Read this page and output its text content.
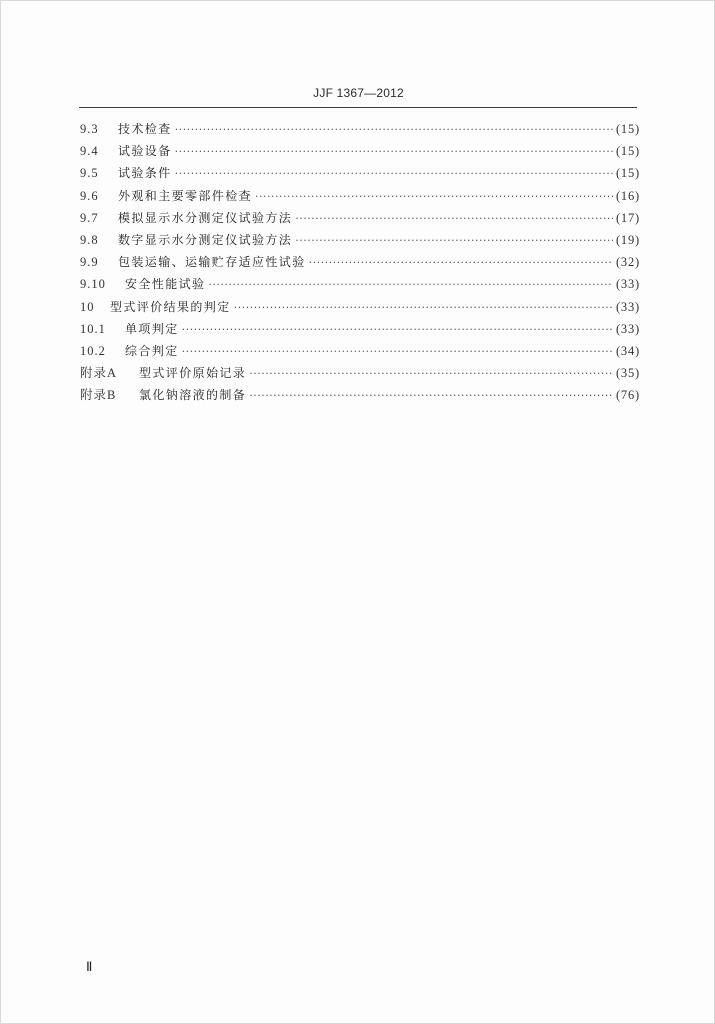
JJF 1367—2012
9.3	技术检查 ·····	(15)
9.4	试验设备 ·····	(15)
9.5	试验条件 ·····	(15)
9.6	外观和主要零部件检查 ·····	(16)
9.7	模拟显示水分测定仪试验方法 ·····	(17)
9.8	数字显示水分测定仪试验方法 ·····	(19)
9.9	包装运输、运输贮存适应性试验 ·····	(32)
9.10	安全性能试验 ·····	(33)
10	型式评价结果的判定 ·····	(33)
10.1	单项判定 ·····	(33)
10.2	综合判定 ·····	(34)
附录A	型式评价原始记录 ·····	(35)
附录B	氯化钠溶液的制备 ·····	(76)
Ⅱ
